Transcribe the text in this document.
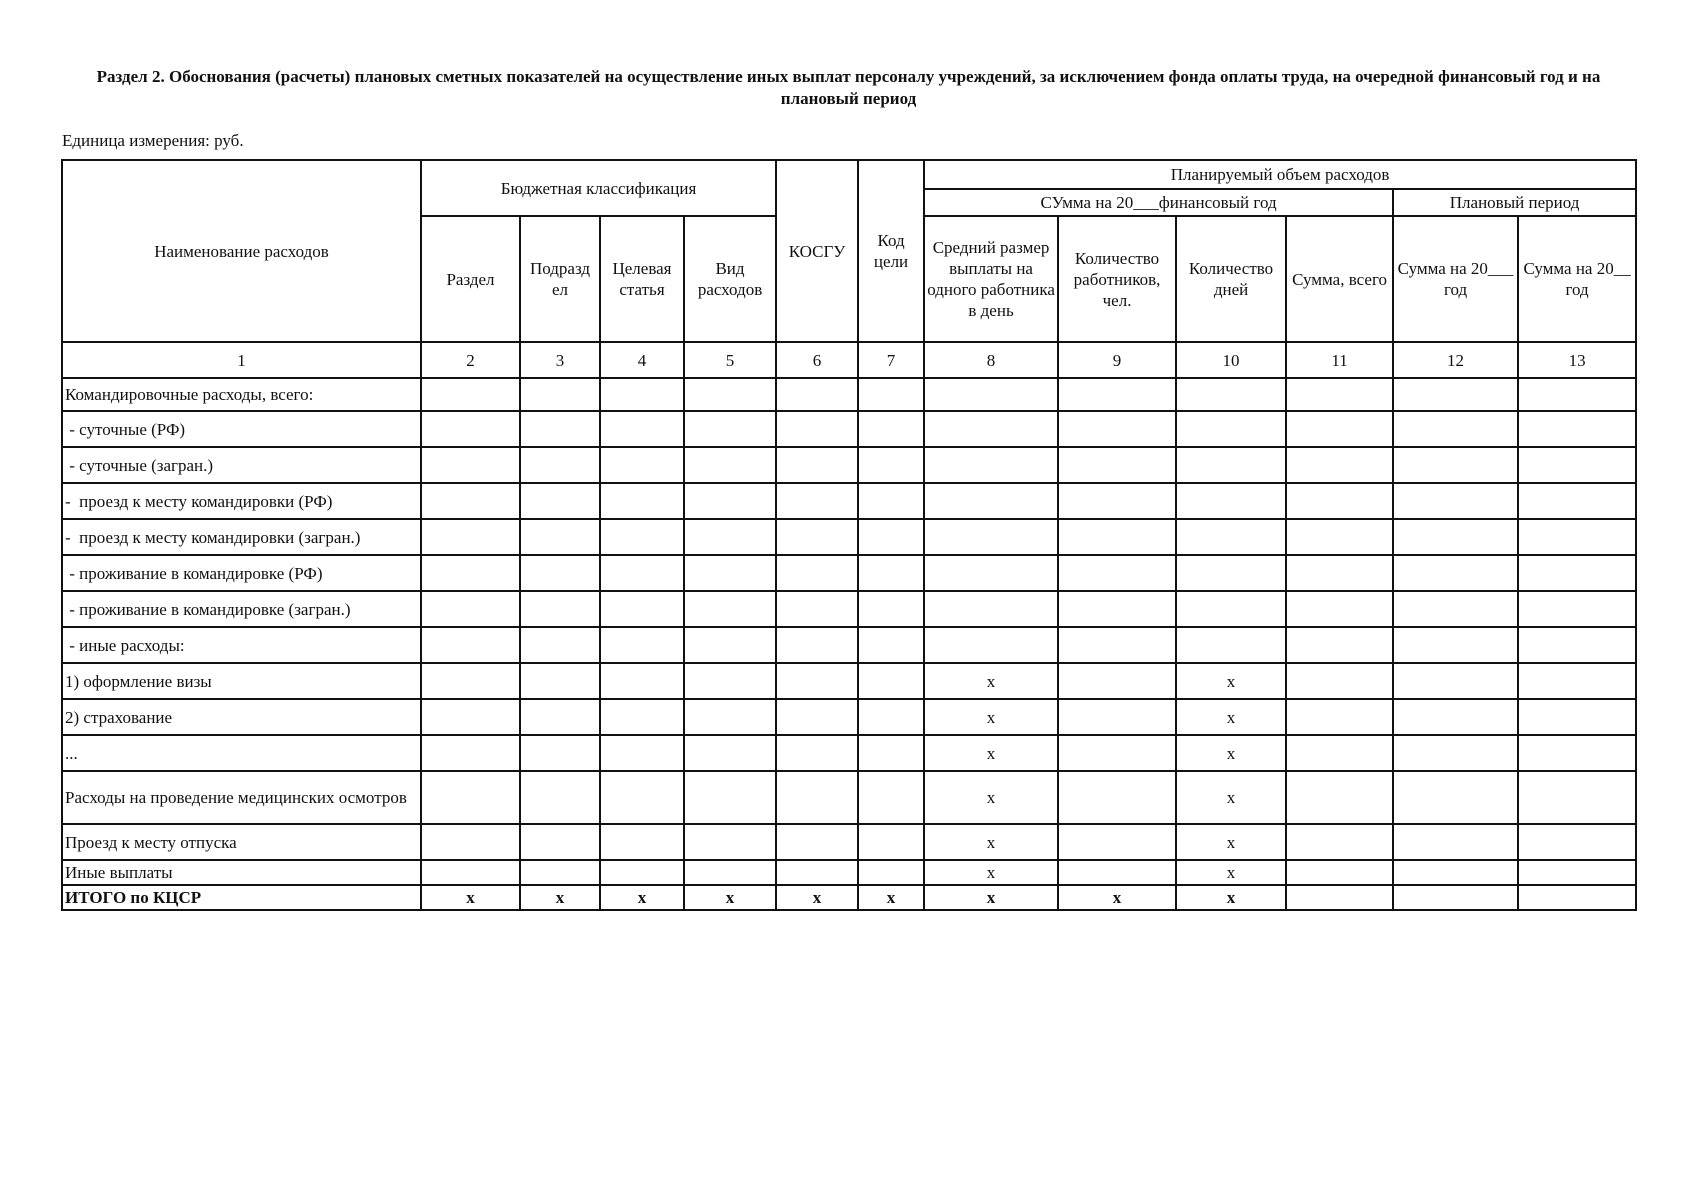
Раздел 2. Обоснования (расчеты) плановых сметных показателей на осуществление иных выплат персоналу учреждений, за исключением фонда оплаты труда, на очередной финансовый год и на плановый период
Единица измерения: руб.
Наименование расходов	Бюджетная классификация				КОСГУ	Код цели	Планируемый объем расходов					
							СУмма на 20___финансовый год				Плановый период	
	Раздел	Подразд ел	Целевая статья	Вид расходов			Средний размер выплаты на одного работника в день	Количество работников, чел.	Количество дней	Сумма, всего	Сумма на 20___ год	Сумма на 20__ год
1	2	3	4	5	6	7	8	9	10	11	12	13
Командировочные расходы, всего:												
- суточные (РФ)												
- суточные (загран.)												
-  проезд к месту командировки (РФ)												
-  проезд к месту командировки (загран.)												
- проживание в командировке (РФ)												
- проживание в командировке (загран.)												
- иные расходы:												
1) оформление визы							х		х			
2) страхование							х		х			
...							х		х			
Расходы на проведение медицинских осмотров							х		х			
Проезд к месту отпуска							х		х			
Иные выплаты							х		х			
ИТОГО по КЦСР	х	х	х	х	х	х	х	х	х			
